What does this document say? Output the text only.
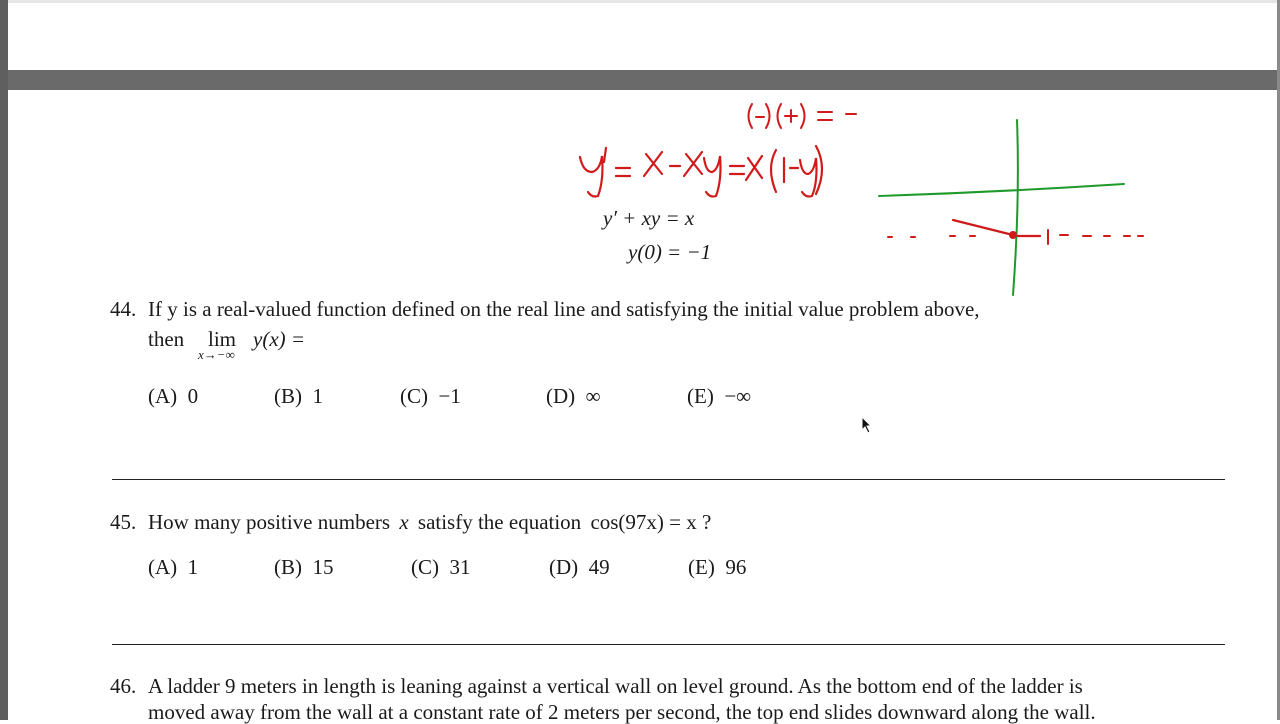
y′ + xy = x
y(0) = −1
44. If y is a real-valued function defined on the real line and satisfying the initial value problem above,
then lim
x→−∞
y(x) =
(A) 0	(B) 1	(C) −1	(D) ∞	(E) −∞
45. How many positive numbers x satisfy the equation cos(97x) = x ?
(A) 1	(B) 15	(C) 31	(D) 49	(E) 96
46. A ladder 9 meters in length is leaning against a vertical wall on level ground. As the bottom end of the ladder is
moved away from the wall at a constant rate of 2 meters per second, the top end slides downward along the wall.
